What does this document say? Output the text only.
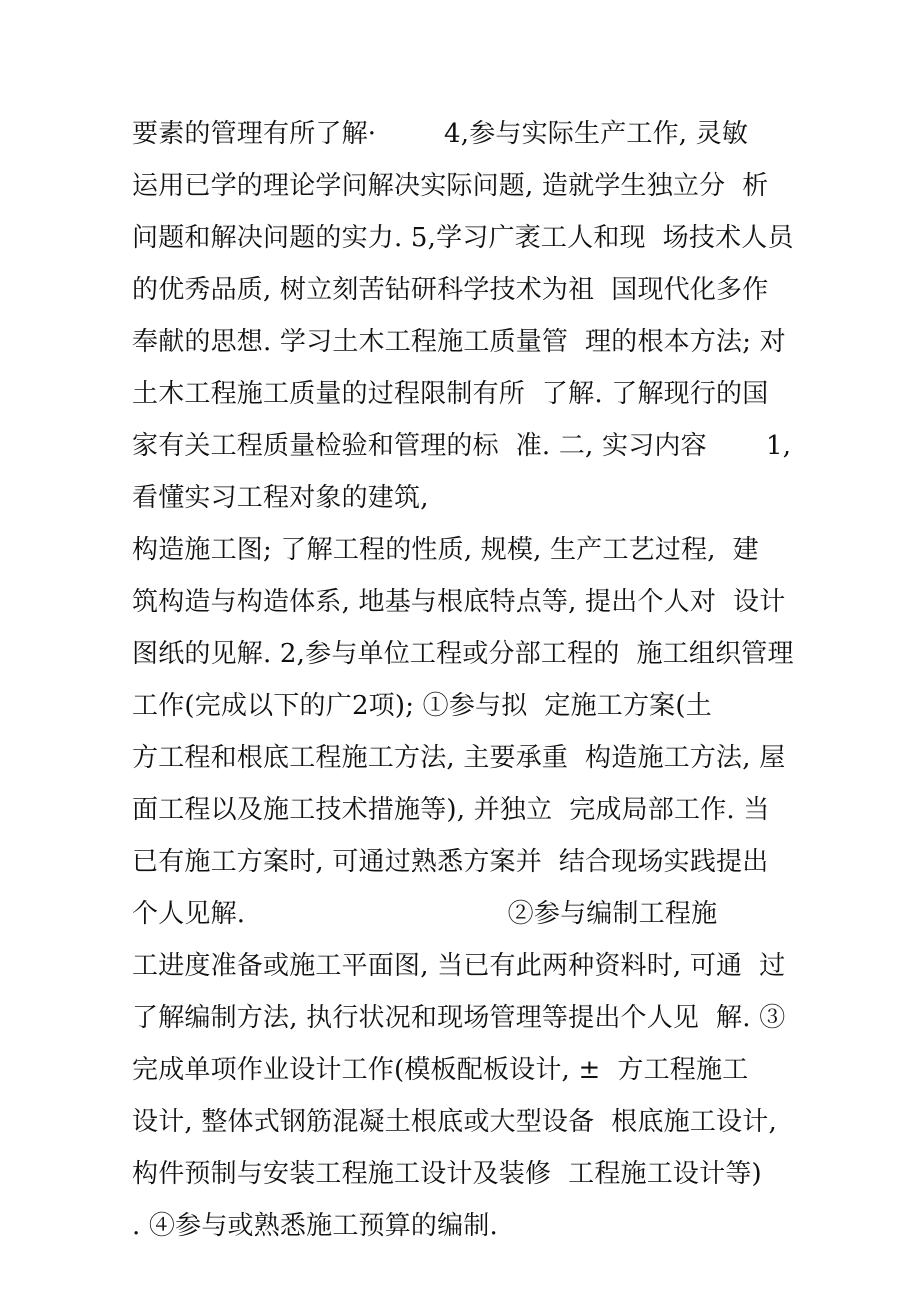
要素的管理有所了解·        4,参与实际生产工作, 灵敏
运用已学的理论学问解决实际问题, 造就学生独立分  析
问题和解决问题的实力. 5,学习广袤工人和现  场技术人员
的优秀品质, 树立刻苦钻研科学技术为祖  国现代化多作
奉献的思想. 学习土木工程施工质量管  理的根本方法; 对
土木工程施工质量的过程限制有所  了解. 了解现行的国
家有关工程质量检验和管理的标  准. 二, 实习内容       1,
看懂实习工程对象的建筑,
构造施工图; 了解工程的性质, 规模, 生产工艺过程,  建
筑构造与构造体系, 地基与根底特点等, 提出个人对  设计
图纸的见解. 2,参与单位工程或分部工程的  施工组织管理
工作(完成以下的广2项); ①参与拟  定施工方案(土
方工程和根底工程施工方法, 主要承重  构造施工方法, 屋
面工程以及施工技术措施等), 并独立  完成局部工作. 当
已有施工方案时, 可通过熟悉方案并  结合现场实践提出
个人见解.                               ②参与编制工程施
工进度准备或施工平面图, 当已有此两种资料时, 可通  过
了解编制方法, 执行状况和现场管理等提出个人见  解. ③
完成单项作业设计工作(模板配板设计, ±  方工程施工
设计, 整体式钢筋混凝土根底或大型设备  根底施工设计,
构件预制与安装工程施工设计及装修  工程施工设计等)
. ④参与或熟悉施工预算的编制.
